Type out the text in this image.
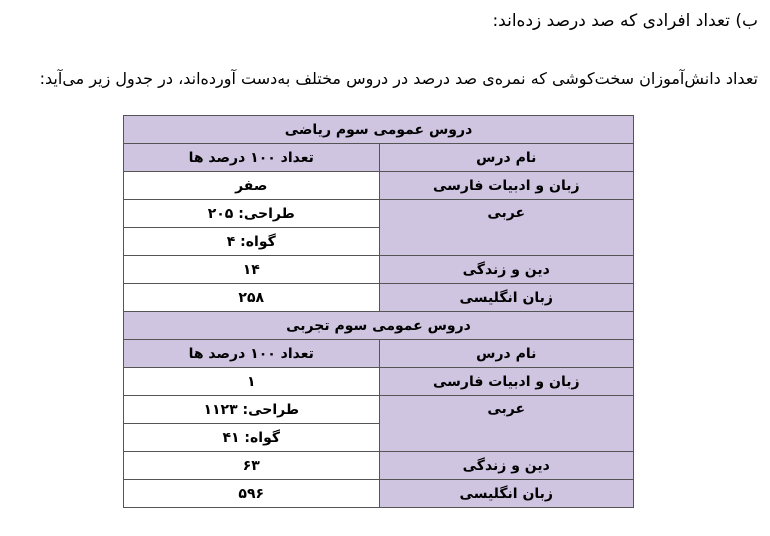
ب) تعداد افرادی که صد درصد زده‌اند:
تعداد دانش‌آموزان سخت‌کوشی که نمره‌ی صد درصد در دروس مختلف به‌دست آورده‌اند، در جدول زیر می‌آید:
دروس عمومی سوم ریاضی	
نام درس	تعداد ۱۰۰ درصد ها
زبان و ادبیات فارسی	صفر
عربی	طراحی: ۲۰۵
	گواه: ۴
دین و زندگی	۱۴
زبان انگلیسی	۲۵۸
دروس عمومی سوم تجربی	
نام درس	تعداد ۱۰۰ درصد ها
زبان و ادبیات فارسی	۱
عربی	طراحی: ۱۱۲۳
	گواه: ۴۱
دین و زندگی	۶۳
زبان انگلیسی	۵۹۶
